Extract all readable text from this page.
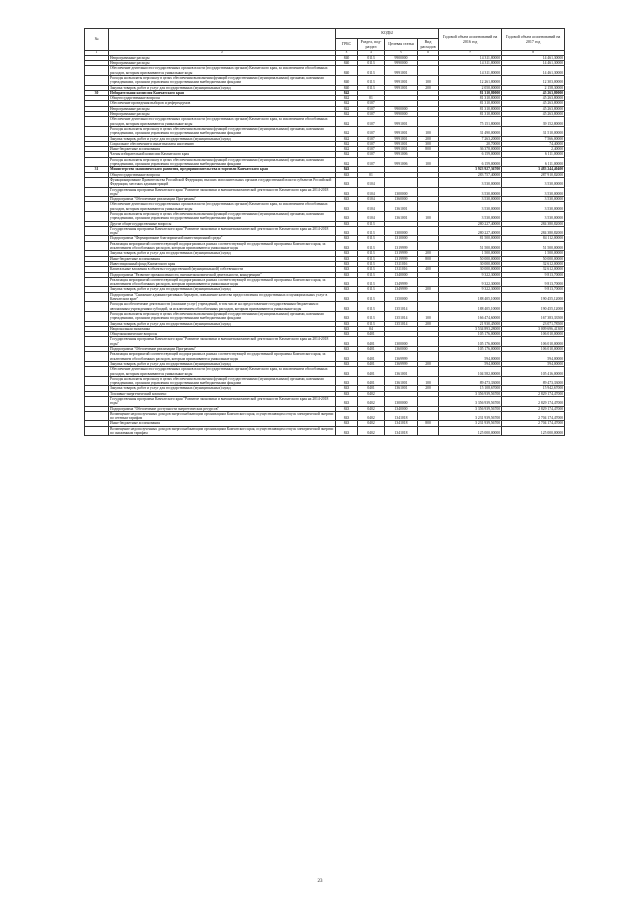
№		КОДЫ				Годовой объем ассигнований на 2016 год	Годовой объем ассигнований на 2017 год
		ГРБС	Раздел, под-раздел	Целевая статья	Вид расходов		
1	2	3	4	5	6	7	8
	Непрограммные расходы	840	0113	9900000		14 311,80000	14 461,30000
	Непрограммные расходы	840	0113	9990000		14 311,80000	14 461,30000
	Обеспечение деятельности государственных органов власти (государственных органов) Камчатского края, за исключением обособленных расходов, которым присваиваются уникальные коды	840	0113	9991001		14 311,80000	14 461,30000
	Расходы на выплаты персоналу в целях обеспечения выполнения функций государственными (муниципальными) органами, казенными учреждениями, органами управления государственными внебюджетными фондами	840	0113	9991001	100	12 261,80000	12 303,00000
	Закупка товаров, работ и услуг для государственных (муниципальных) нужд	840	0113	9991001	200	2 050,00000	2 158,30000
30	Избирательная комиссия Камчатского края	842				81 310,80000	45 263,80000
	Общегосударственные вопросы	842	01			81 310,80000	45 263,80000
	Обеспечение проведения выборов и референдумов	842	0107			81 310,80000	45 263,80000
	Непрограммные расходы	842	0107	9900000		81 310,80000	45 263,80000
	Непрограммные расходы	842	0107	9990000		81 310,80000	45 263,80000
	Обеспечение деятельности государственных органов власти (государственных органов) Камчатского края, за исключением обособленных расходов, которым присваиваются уникальные коды	842	0107	9991001		75 151,80000	39 152,80000
	Расходы на выплаты персоналу в целях обеспечения выполнения функций государственными (муниципальными) органами, казенными учреждениями, органами управления государственными внебюджетными фондами	842	0107	9991001	100	31 490,00000	31 510,00000
	Закупка товаров, работ и услуг для государственных (муниципальных) нужд	842	0107	9991001	200	7 263,20000	7 566,00000
	Социальное обеспечение и иные выплаты населению	842	0107	9991001	300	20,70000	74,40000
	Иные бюджетные ассигнования	842	0107	9991001	800	36 378,00000	2,40000
	Члены избирательной комиссии Камчатского края	842	0107	9991006		6 159,00000	6 111,00000
	Расходы на выплаты персоналу в целях обеспечения выполнения функций государственными (муниципальными) органами, казенными учреждениями, органами управления государственными внебюджетными фондами	842	0107	9991006	100	6 159,00000	6 111,00000
31	Министерство экономического развития, предпринимательства и торговли Камчатского края	843				3 923 927,36700	3 483 244,40400
	Общегосударственные вопросы	843	01			283 757,40000	287 910,82000
	Функционирование Правительства Российской Федерации, высших исполнительных органов государственной власти субъектов Российской Федерации, местных администраций	843	0104			3 530,00000	3 530,00000
	Государственная программа Камчатского края "Развитие экономики и внешнеэкономической деятельности Камчатского края на 2014-2018 годы"	843	0104	1300000		3 530,00000	3 530,00000
	Подпрограмма "Обеспечение реализации Программы"	843	0104	1360000		3 530,00000	3 530,00000
	Обеспечение деятельности государственных органов власти (государственных органов) Камчатского края, за исключением обособленных расходов, которым присваиваются уникальные коды	843	0104	1361001		3 530,00000	3 530,00000
	Расходы на выплаты персоналу в целях обеспечения выполнения функций государственными (муниципальными) органами, казенными учреждениями, органами управления государственными внебюджетными фондами	843	0104	1361001	100	3 530,00000	3 530,00000
	Другие общегосударственные вопросы	843	0113			280 227,40000	284 380,82000
	Государственная программа Камчатского края "Развитие экономики и внешнеэкономической деятельности Камчатского края на 2014-2018 годы"	843	0113	1300000		280 227,40000	284 380,82000
	Подпрограмма "Формирование благоприятной инвестиционной среды"	843	0113	1310000		81 500,00000	84 112,00000
	Реализация мероприятий соответствующей подпрограммы в рамках соответствующей государственной программы Камчатского края, за исключением обособленных расходов, которым присваиваются уникальные коды	843	0113	1319999		51 500,00000	51 500,00000
	Закупка товаров, работ и услуг для государственных (муниципальных) нужд	843	0113	1319999	200	1 500,00000	1 500,00000
	Иные бюджетные ассигнования	843	0113	1319999	800	50 000,00000	50 000,00000
	Инвестиционный фонд Камчатского края	843	0113	1311016		30 000,00000	32 612,00000
	Капитальные вложения в объекты государственной (муниципальной) собственности	843	0113	1311016	400	30 000,00000	32 612,00000
	Подпрограмма "Развитие промышленности, внешнеэкономической деятельности, конкуренции"	843	0113	1340000		9 322,30000	9 813,70000
	Реализация мероприятий соответствующей подпрограммы в рамках соответствующей государственной программы Камчатского края, за исключением обособленных расходов, которым присваиваются уникальные коды	843	0113	1349999		9 322,30000	9 813,70000
	Закупка товаров, работ и услуг для государственных (муниципальных) нужд	843	0113	1349999	200	9 322,30000	9 813,70000
	Подпрограмма "Снижение административных барьеров, повышение качества предоставления государственных и муниципальных услуг в Камчатском крае"	843	0113	1350000		188 405,10000	190 455,12000
	Расходы на обеспечение деятельности (оказание услуг) учреждений, в том числе на предоставление государственным бюджетным и автономным учреждениям субсидий, за исключением обособленных расходов, которым присваиваются уникальные коды	843	0113	1351014		188 405,10000	190 455,12000
	Расходы на выплаты персоналу в целях обеспечения выполнения функций государственными (муниципальными) органами, казенными учреждениями, органами управления государственными внебюджетными фондами	843	0113	1351014	100	166 474,60000	167 383,33500
	Закупка товаров, работ и услуг для государственных (муниципальных) нужд	843	0113	1351014	200	21 930,45000	23 071,78500
	Национальная экономика	843	04			3 534 893,28000	3 009 696,41300
	Общеэкономические вопросы	843	0401			105 176,00000	106 010,00000
	Государственная программа Камчатского края "Развитие экономики и внешнеэкономической деятельности Камчатского края на 2014-2018 годы"	843	0401	1300000		105 176,00000	106 010,00000
	Подпрограмма "Обеспечение реализации Программы"	843	0401	1360000		105 176,00000	106 010,00000
	Реализация мероприятий соответствующей подпрограммы в рамках соответствующей государственной программы Камчатского края, за исключением обособленных расходов, которым присваиваются уникальные коды	843	0401	1369999		594,00000	594,00000
	Закупка товаров, работ и услуг для государственных (муниципальных) нужд	843	0401	1369999	200	594,00000	594,00000
	Обеспечение деятельности государственных органов власти (государственных органов) Камчатского края, за исключением обособленных расходов, которым присваиваются уникальные коды	843	0401	1361001		104 582,00000	105 416,00000
	Расходы на выплаты персоналу в целях обеспечения выполнения функций государственными (муниципальными) органами, казенными учреждениями, органами управления государственными внебюджетными фондами	843	0401	1361001	100	89 473,33000	89 473,33000
	Закупка товаров, работ и услуг для государственных (муниципальных) нужд	843	0401	1361001	200	15 108,67000	15 942,67000
	Топливно-энергетический комплекс	843	0402			3 356 939,56700	2 829 174,47000
	Государственная программа Камчатского края "Развитие экономики и внешнеэкономической деятельности Камчатского края на 2014-2018 годы"	843	0402	1300000		3 356 939,56700	2 829 174,47000
	Подпрограмма "Обеспечение доступности энергетических ресурсов"	843	0402	1340000		3 356 939,56700	2 829 174,47000
	Возмещение недополученных доходов энергоснабжающим организациям Камчатского края, осуществляющим отпуск электрической энергии по сетевым тарифам	843	0402	1341018		3 231 939,56700	2 704 174,47000
	Иные бюджетные ассигнования	843	0402	1341018	800	3 231 939,56700	2 704 174,47000
	Возмещение недополученных доходов энергоснабжающим организациям Камчатского края, осуществляющим отпуск электрической энергии по сниженным тарифам	843	0402	1341018		125 000,00000	125 000,00000
23
